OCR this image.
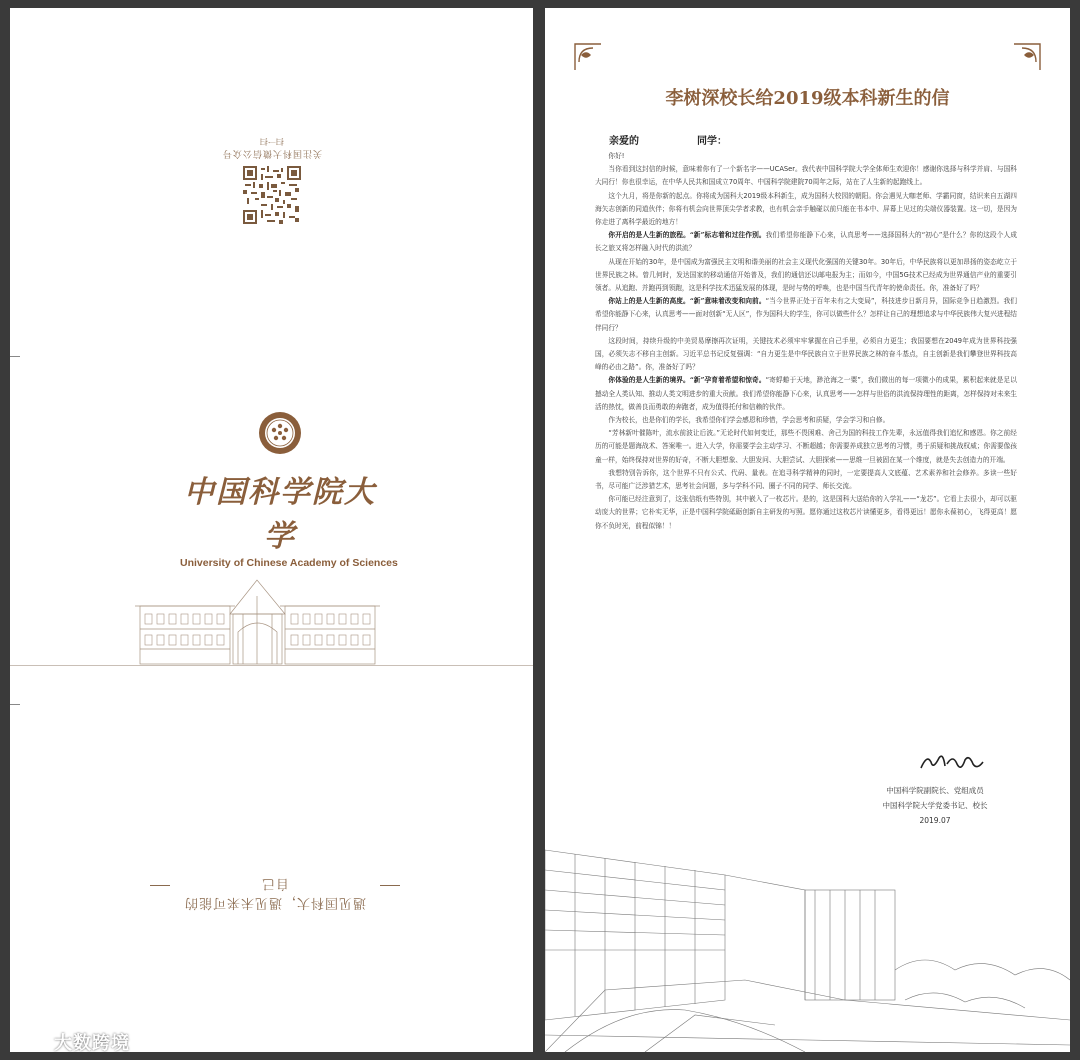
关注国科大微信公众号
扫一扫
中国科学院大学
University of Chinese Academy of Sciences
遇见国科大，遇见未来可能的自己
李树深校长给2019级本科新生的信
亲爱的	同学：

你好!

当你看到这封信的时候，意味着你有了一个新名字——UCASer。我代表中国科学院大学全体师生欢迎你！感谢你选择与科学并肩、与国科大同行！你也很幸运，在中华人民共和国成立70周年、中国科学院建院70周年之际，站在了人生新的起跑线上。

这个九月，将是你新的起点。你将成为国科大2019级本科新生，成为国科大校园的朝阳。你会遇见大咖老师、学霸同窗，结识来自五湖四海矢志创新的同道伙伴；你将有机会向世界顶尖学者求教，也有机会亲手触碰以前只能在书本中、屏幕上见过的尖端仪器装置。这一切，是因为你走进了离科学最近的地方！

你开启的是人生新的旅程。“新”标志着和过往作别。我们希望你能静下心来，认真思考——选择国科大的“初心”是什么？你的这段个人成长之旅又将怎样融入时代的洪流？

从现在开始的30年，是中国成为富强民主文明和谐美丽的社会主义现代化强国的关键30年。30年后，中华民族将以更加昂扬的姿态屹立于世界民族之林。曾几何时，发达国家的移动通信开始普及，我们的通信还以邮电报为主；而如今，中国5G技术已经成为世界通信产业的重要引领者。从追跑、并跑再到领跑，这是科学技术迅猛发展的体现，是时与势的呼唤，也是中国当代青年的使命责任。你，准备好了吗？

你站上的是人生新的高度。“新”意味着改变和向前。“当今世界正处于百年未有之大变局”，科技进步日新月异，国际竞争日趋激烈。我们希望你能静下心来，认真思考——面对创新“无人区”，作为国科大的学生，你可以做些什么？怎样让自己的理想追求与中华民族伟大复兴进程结伴同行？

这段时间，持续升级的中美贸易摩擦再次证明，关键技术必须牢牢掌握在自己手里，必须自力更生；我国要想在2049年成为世界科技强国，必须矢志不移自主创新。习近平总书记反复强调：“自力更生是中华民族自立于世界民族之林的奋斗基点，自主创新是我们攀登世界科技高峰的必由之路”。你，准备好了吗？

你体验的是人生新的境界。“新”孕育着希望和惊奇。“寄蜉蝣于天地，渺沧海之一粟”，我们微出的每一项微小的成果，累积起来就是足以撼动全人类认知、推动人类文明进步的重大贡献。我们希望你能静下心来，认真思考——怎样与世俗的洪流保持理性的距离，怎样保持对未来生活的热忱，做善良而勇敢的奔跑者，成为值得托付和信赖的伙伴。

作为校长，也是你们的学长，我希望你们学会感恩和珍惜，学会思考和质疑，学会学习和自修。

“芳林新叶催陈叶，流水前波让后波。”无论时代如何变迁，那些不畏困难、舍己为国的科技工作先辈，永远值得我们追忆和感恩。你之前经历的可能是题海战术、答案唯一。进入大学，你需要学会主动学习、不断超越；你需要养成独立思考的习惯，勇于质疑和挑战权威；你需要像孩童一样，始终保持对世界的好奇，不断大胆想象、大胆发问、大胆尝试、大胆探索——思维一旦被固在某一个维度，就是失去创造力的开端。

我想特别告诉你，这个世界不只有公式、代码、量表。在追寻科学精神的同时，一定要提高人文底蕴、艺术素养和社会修养。多读一些好书，尽可能广泛涉猎艺术，思考社会问题，多与学科不同、圈子不同的同学、师长交流。

你可能已经注意到了，这张信纸有些特别，其中嵌入了一枚芯片。是的，这是国科大送给你的入学礼——“龙芯”。它看上去很小，却可以驱动庞大的世界；它朴实无华，正是中国科学院砥砺创新自主研发的写照。愿你通过这枚芯片读懂更多，看得更远！愿你永葆初心，飞得更高！愿你不负时光，前程似锦！！

中国科学院副院长、党组成员
中国科学院大学党委书记、校长
2019.07
大数跨境
